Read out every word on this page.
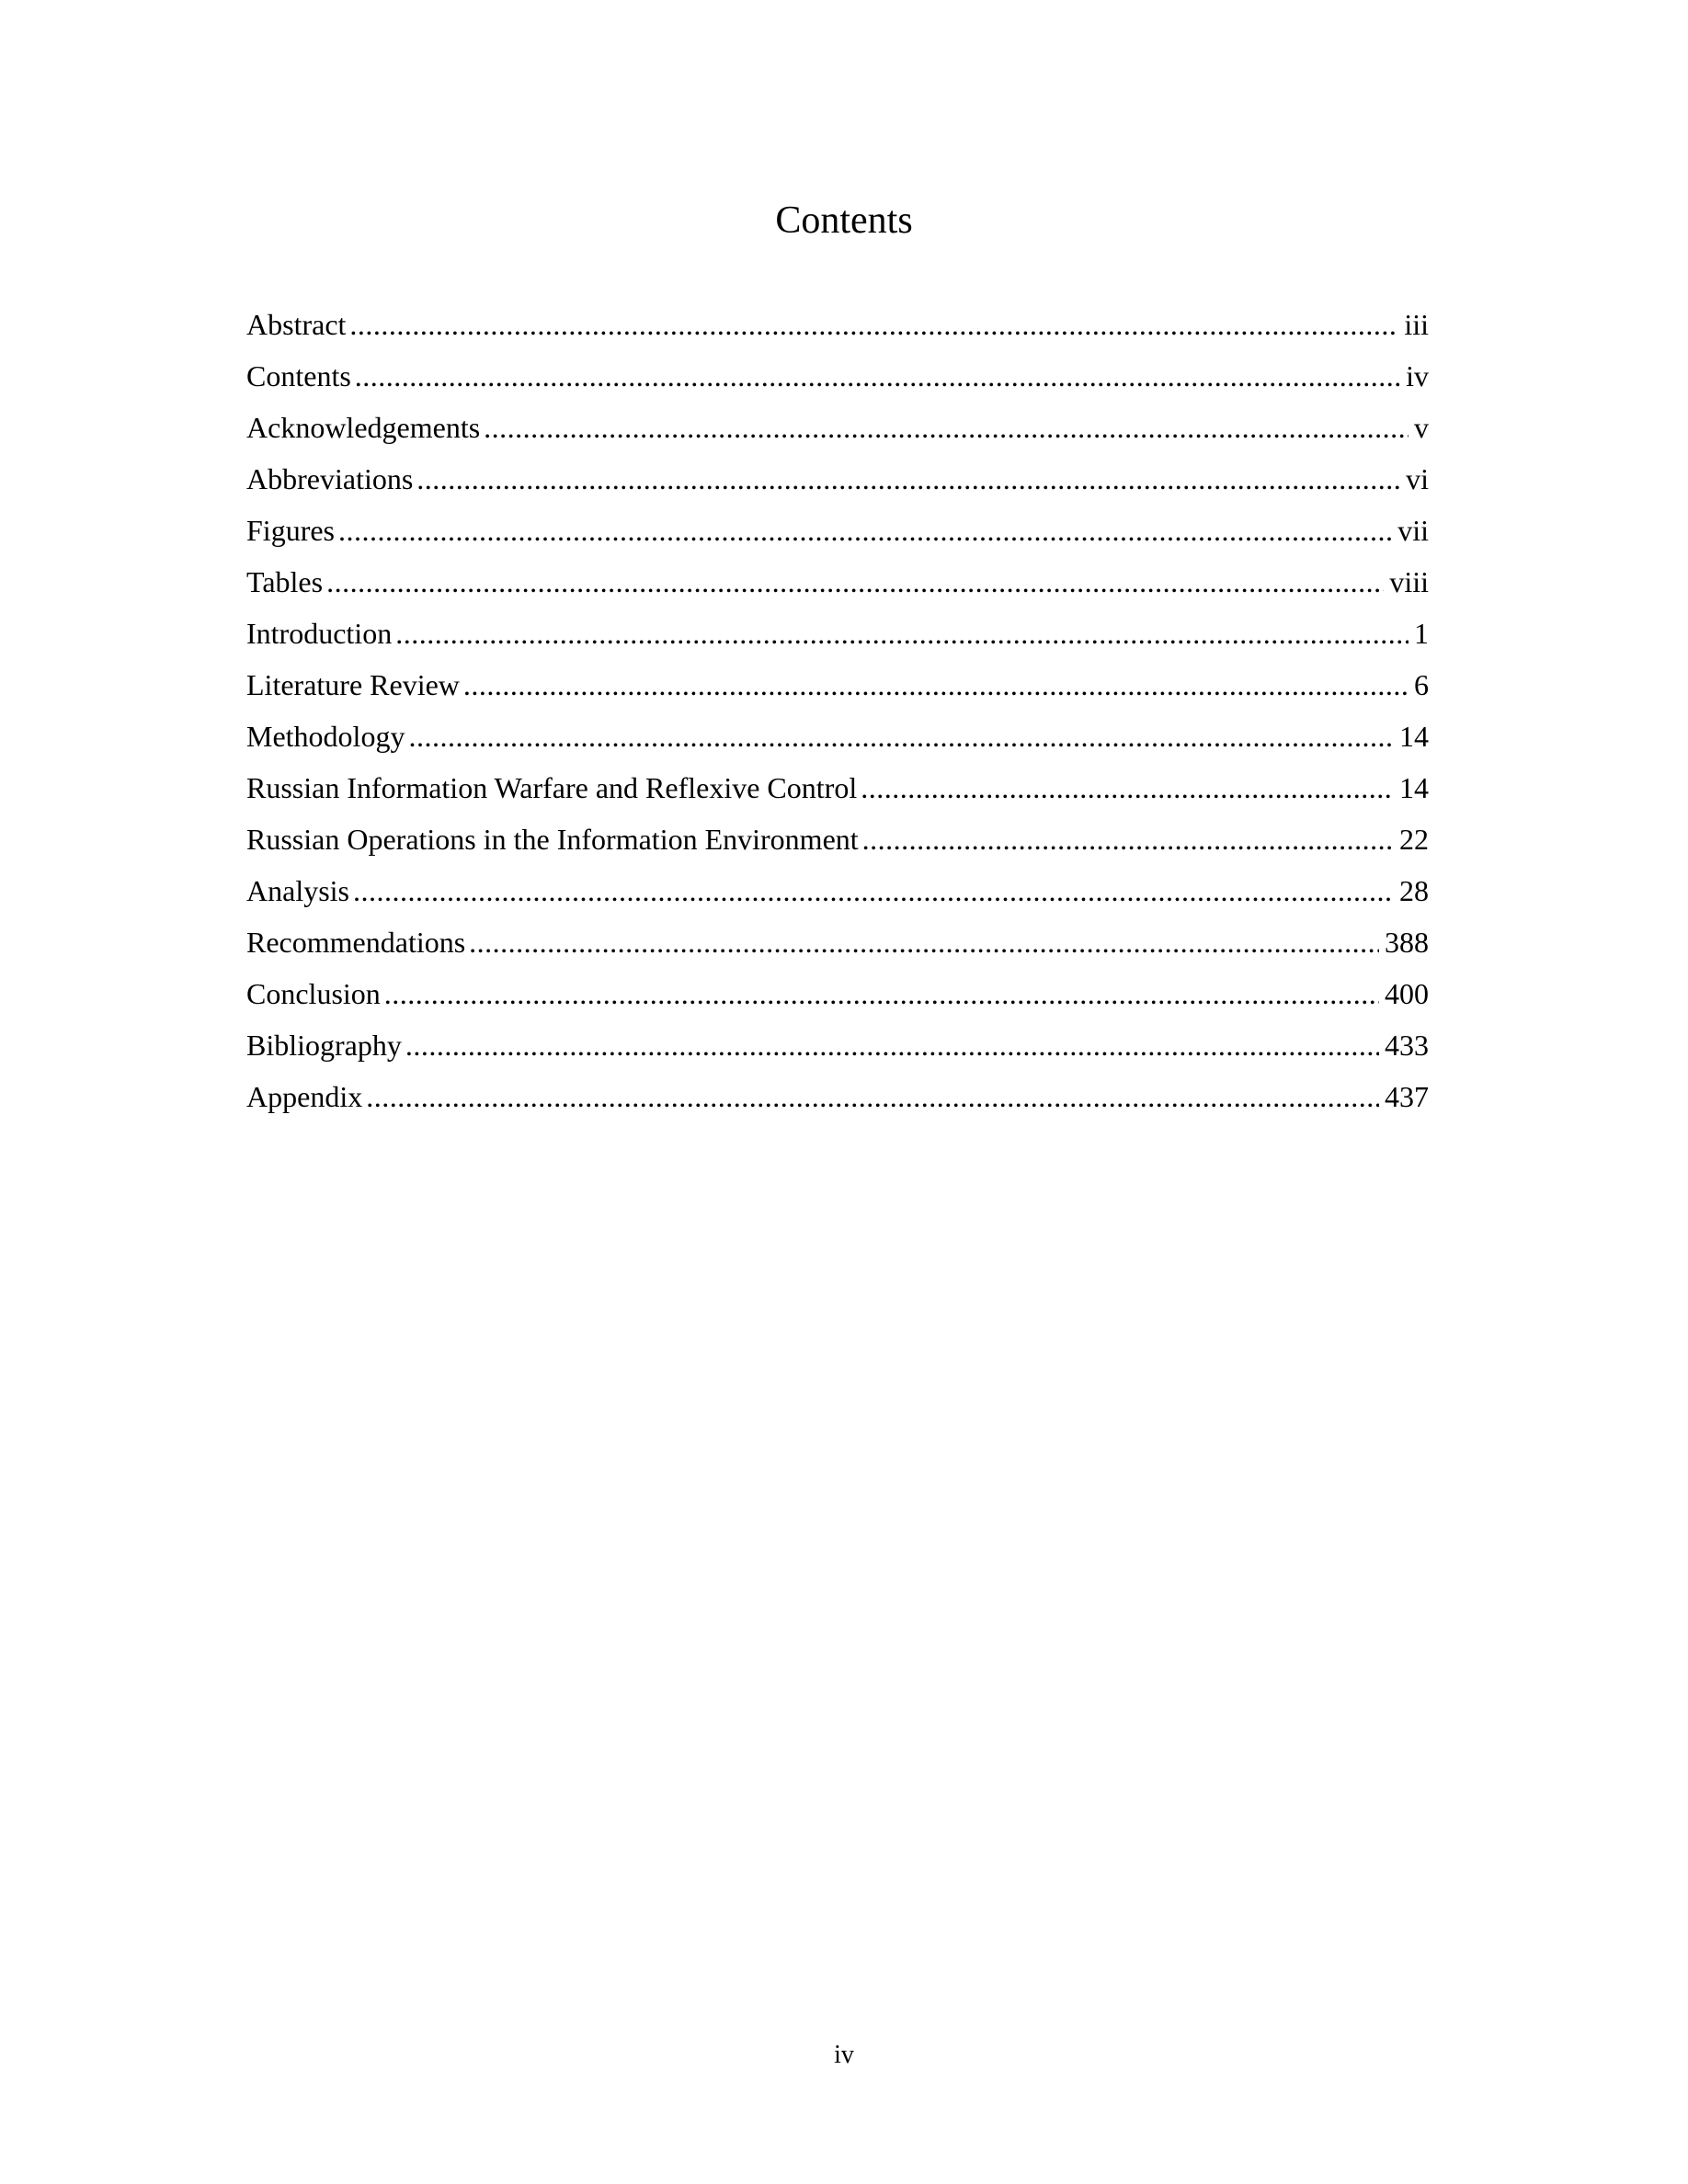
Contents
Abstract .....	iii
Contents .....	iv
Acknowledgements .....	v
Abbreviations .....	vi
Figures .....	vii
Tables .....	viii
Introduction .....	1
Literature Review .....	6
Methodology .....	14
Russian Information Warfare and Reflexive Control .....	14
Russian Operations in the Information Environment .....	22
Analysis .....	28
Recommendations .....	388
Conclusion .....	400
Bibliography .....	433
Appendix .....	437
iv
